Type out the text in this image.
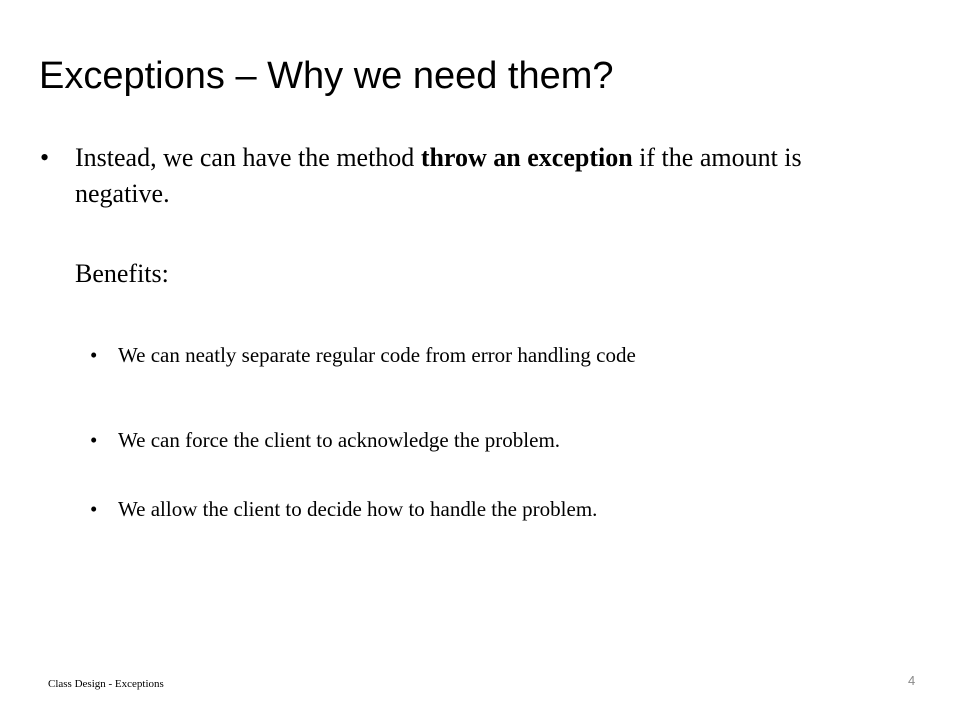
Exceptions – Why we need them?
• Instead, we can have the method throw an exception if the amount is negative.
Benefits:
• We can neatly separate regular code from error handling code
• We can force the client to acknowledge the problem.
• We allow the client to decide how to handle the problem.
Class Design - Exceptions	4
